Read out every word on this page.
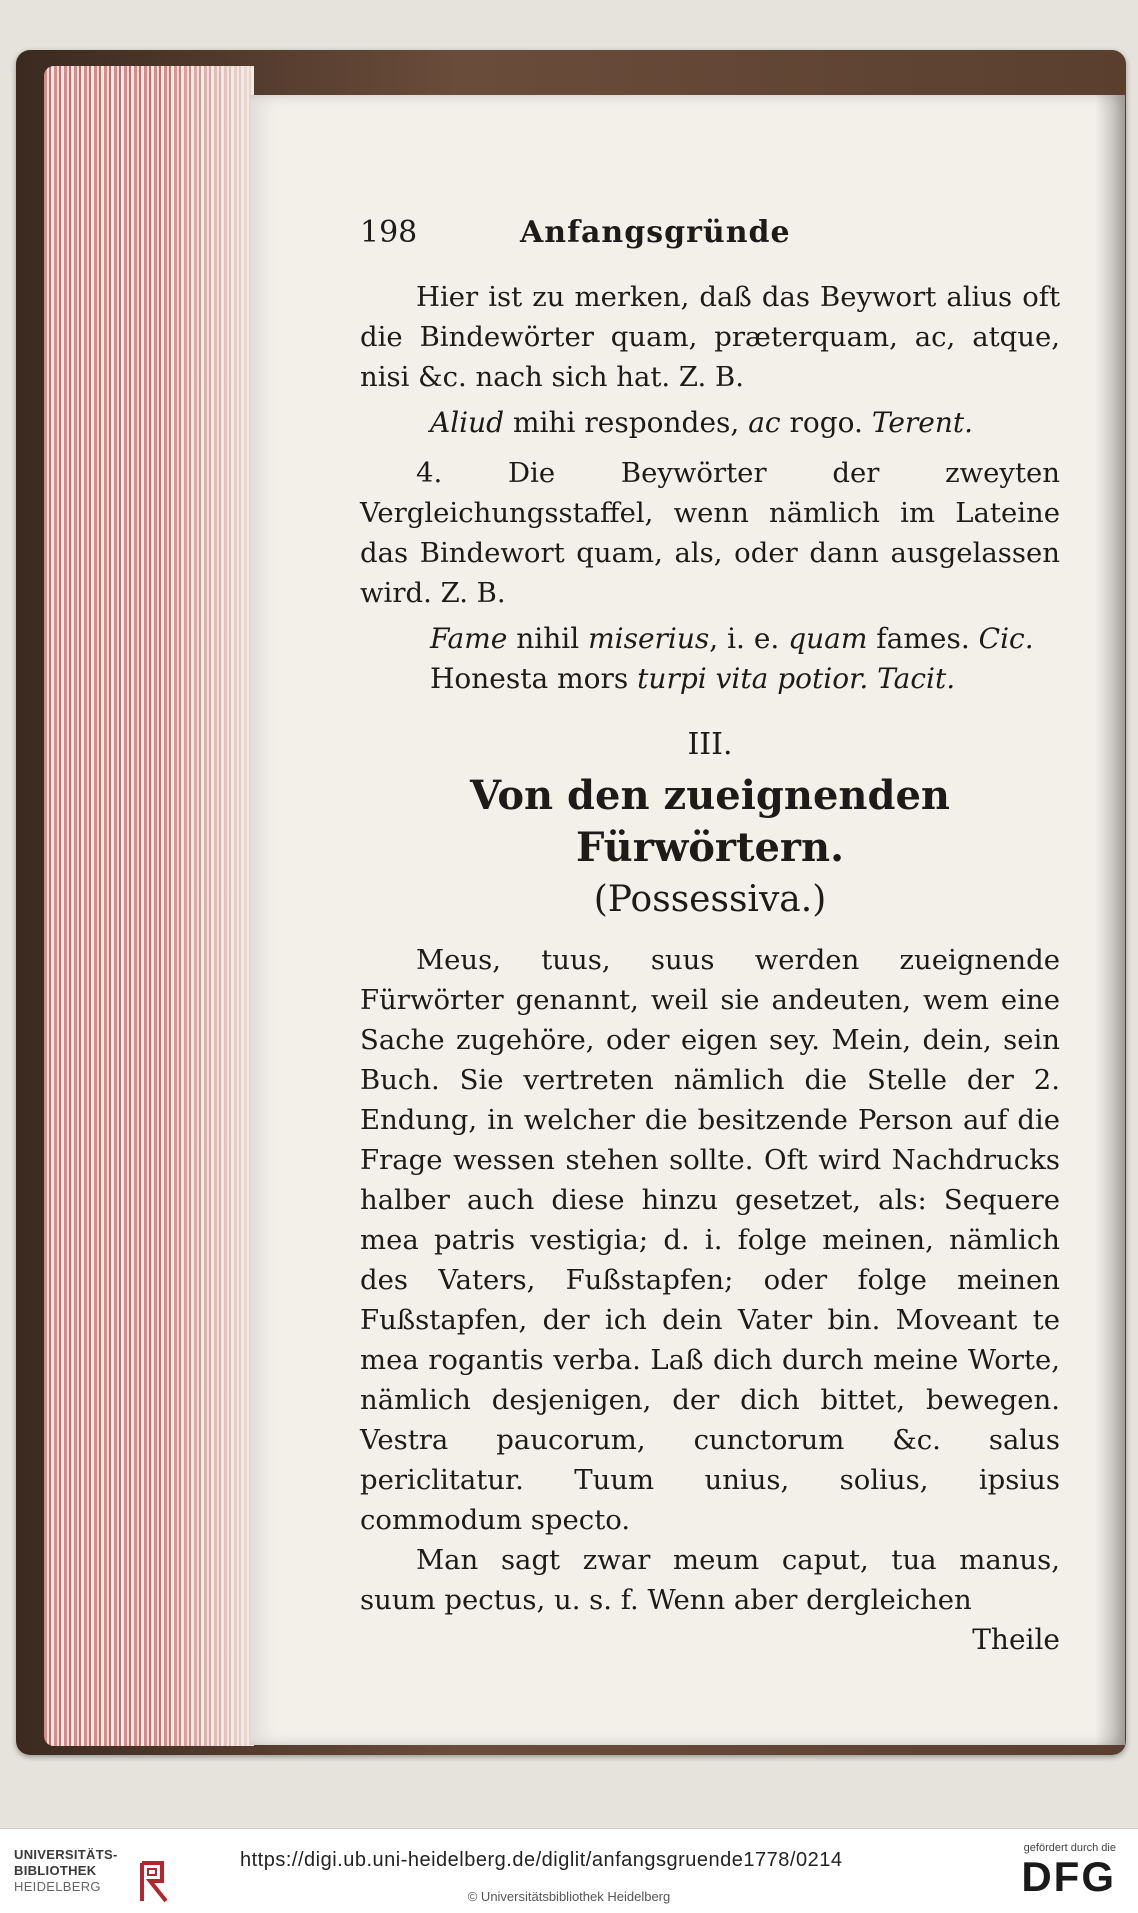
198	Anfangsgründe

Hier ist zu merken, daß das Beywort alius oft die Bindewörter quam, præterquam, ac, atque, nisi &c. nach sich hat. Z. B.

Aliud mihi respondes, ac rogo. Terent.

4. Die Beywörter der zweyten Vergleichungsstaffel, wenn nämlich im Lateine das Bindewort quam, als, oder dann ausgelassen wird. Z. B.

Fame nihil miserius, i. e. quam fames. Cic.

Honesta mors turpi vita potior. Tacit.

III.
Von den zueignenden Fürwörtern.
(Possessiva.)

Meus, tuus, suus werden zueignende Fürwörter genannt, weil sie andeuten, wem eine Sache zugehöre, oder eigen sey. Mein, dein, sein Buch. Sie vertreten nämlich die Stelle der 2. Endung, in welcher die besitzende Person auf die Frage wessen stehen sollte. Oft wird Nachdrucks halber auch diese hinzu gesetzet, als: Sequere mea patris vestigia; d. i. folge meinen, nämlich des Vaters, Fußstapfen; oder folge meinen Fußstapfen, der ich dein Vater bin. Moveant te mea rogantis verba. Laß dich durch meine Worte, nämlich desjenigen, der dich bittet, bewegen. Vestra paucorum, cunctorum &c. salus periclitatur. Tuum unius, solius, ipsius commodum specto.

Man sagt zwar meum caput, tua manus, suum pectus, u. s. f. Wenn aber dergleichen

Theile

UNIVERSITÄTS-
BIBLIOTHEK
HEIDELBERG
https://digi.ub.uni-heidelberg.de/diglit/anfangsgruende1778/0214
© Universitätsbibliothek Heidelberg
gefördert durch die
DFG
